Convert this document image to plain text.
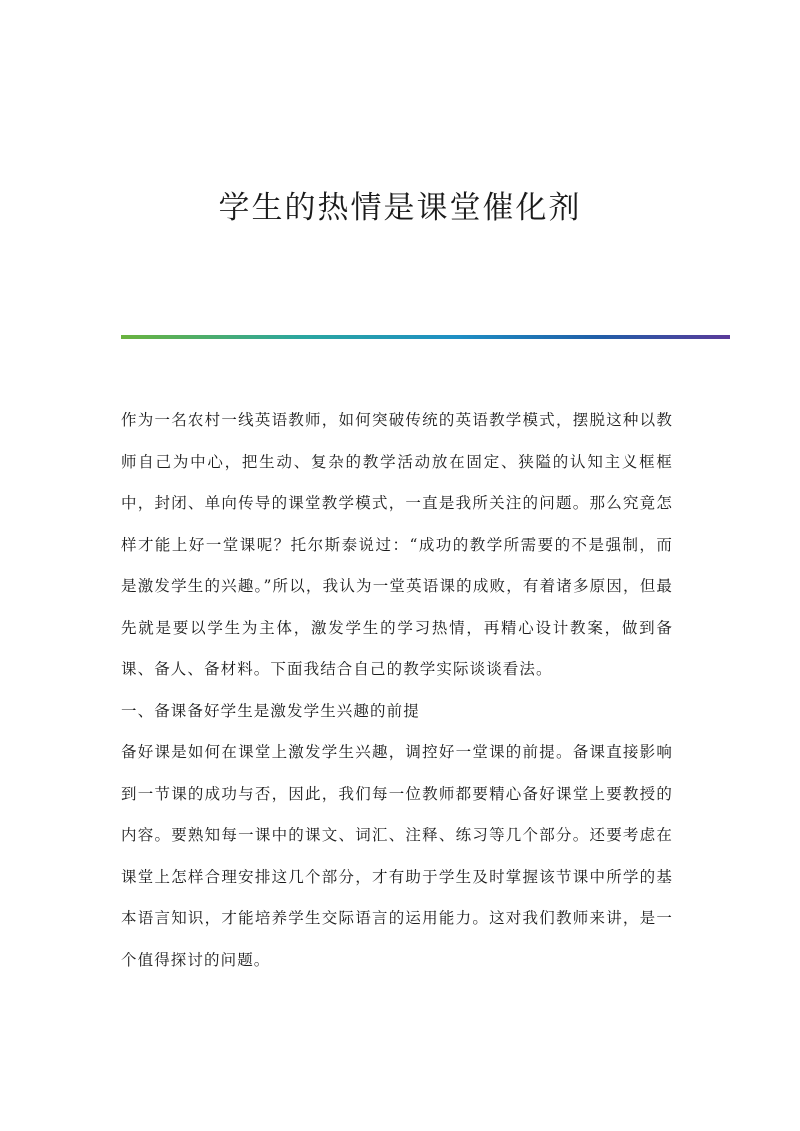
学生的热情是课堂催化剂

作为一名农村一线英语教师，如何突破传统的英语教学模式，摆脱这种以教师自己为中心，把生动、复杂的教学活动放在固定、狭隘的认知主义框框中，封闭、单向传导的课堂教学模式，一直是我所关注的问题。那么究竟怎样才能上好一堂课呢？托尔斯泰说过：“成功的教学所需要的不是强制，而是激发学生的兴趣。”所以，我认为一堂英语课的成败，有着诸多原因，但最先就是要以学生为主体，激发学生的学习热情，再精心设计教案，做到备课、备人、备材料。下面我结合自己的教学实际谈谈看法。

一、备课备好学生是激发学生兴趣的前提

备好课是如何在课堂上激发学生兴趣，调控好一堂课的前提。备课直接影响到一节课的成功与否，因此，我们每一位教师都要精心备好课堂上要教授的内容。要熟知每一课中的课文、词汇、注释、练习等几个部分。还要考虑在课堂上怎样合理安排这几个部分，才有助于学生及时掌握该节课中所学的基本语言知识，才能培养学生交际语言的运用能力。这对我们教师来讲，是一个值得探讨的问题。
